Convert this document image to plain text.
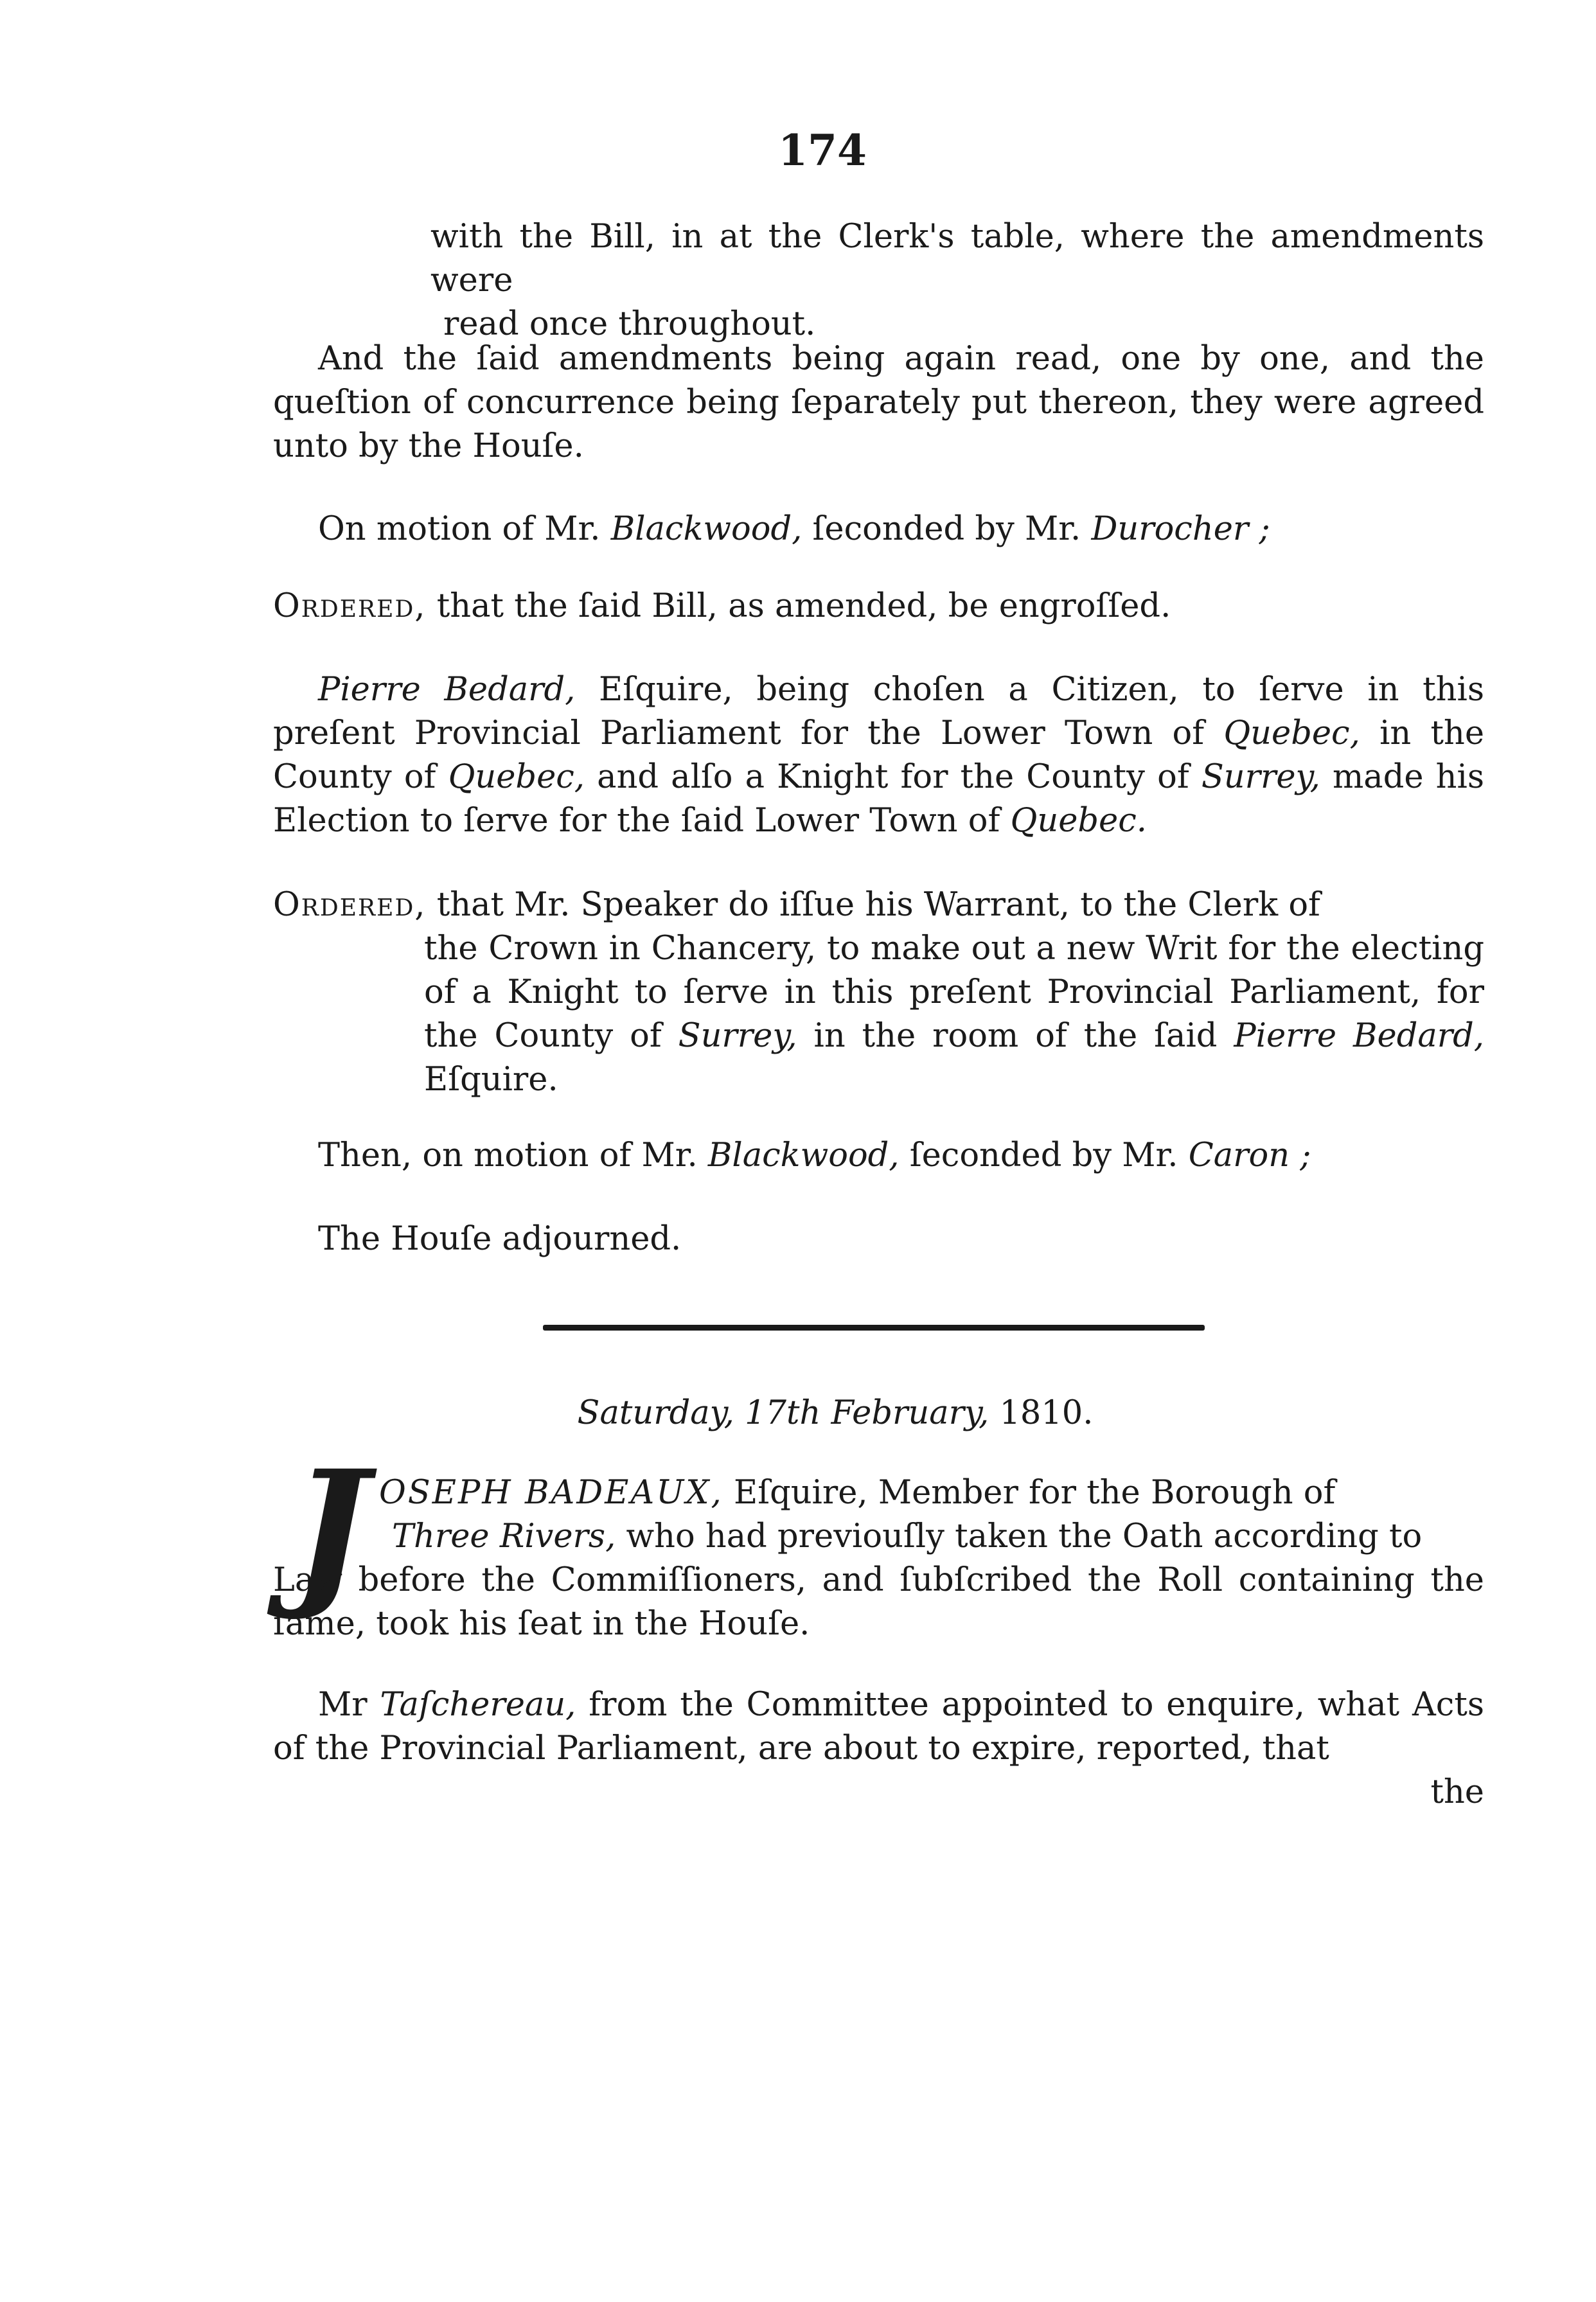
174
with the Bill, in at the Clerk's table, where the amendments were
read once throughout.
And the ſaid amendments being again read, one by one, and the queſtion of concurrence being ſeparately put thereon, they were agreed unto by the Houſe.
On motion of Mr. Blackwood, ſeconded by Mr. Durocher ;
Ordered, that the ſaid Bill, as amended, be engroſſed.
Pierre Bedard, Eſquire, being choſen a Citizen, to ſerve in this preſent Provincial Parliament for the Lower Town of Quebec, in the County of Quebec, and alſo a Knight for the County of Surrey, made his Election to ſerve for the ſaid Lower Town of Quebec.
Ordered, that Mr. Speaker do iſſue his Warrant, to the Clerk of
the Crown in Chancery, to make out a new Writ for the electing of a Knight to ſerve in this preſent Provincial Parliament, for the County of Surrey, in the room of the ſaid Pierre Bedard, Eſquire.
Then, on motion of Mr. Blackwood, ſeconded by Mr. Caron ;
The Houſe adjourned.
Saturday, 17th February, 1810.
J OSEPH BADEAUX, Eſquire, Member for the Borough of
Three Rivers, who had previouſly taken the Oath according to
Law before the Commiſſioners, and ſubſcribed the Roll containing the ſame, took his ſeat in the Houſe.
Mr Taſchereau, from the Committee appointed to enquire, what Acts of the Provincial Parliament, are about to expire, reported, that
the
